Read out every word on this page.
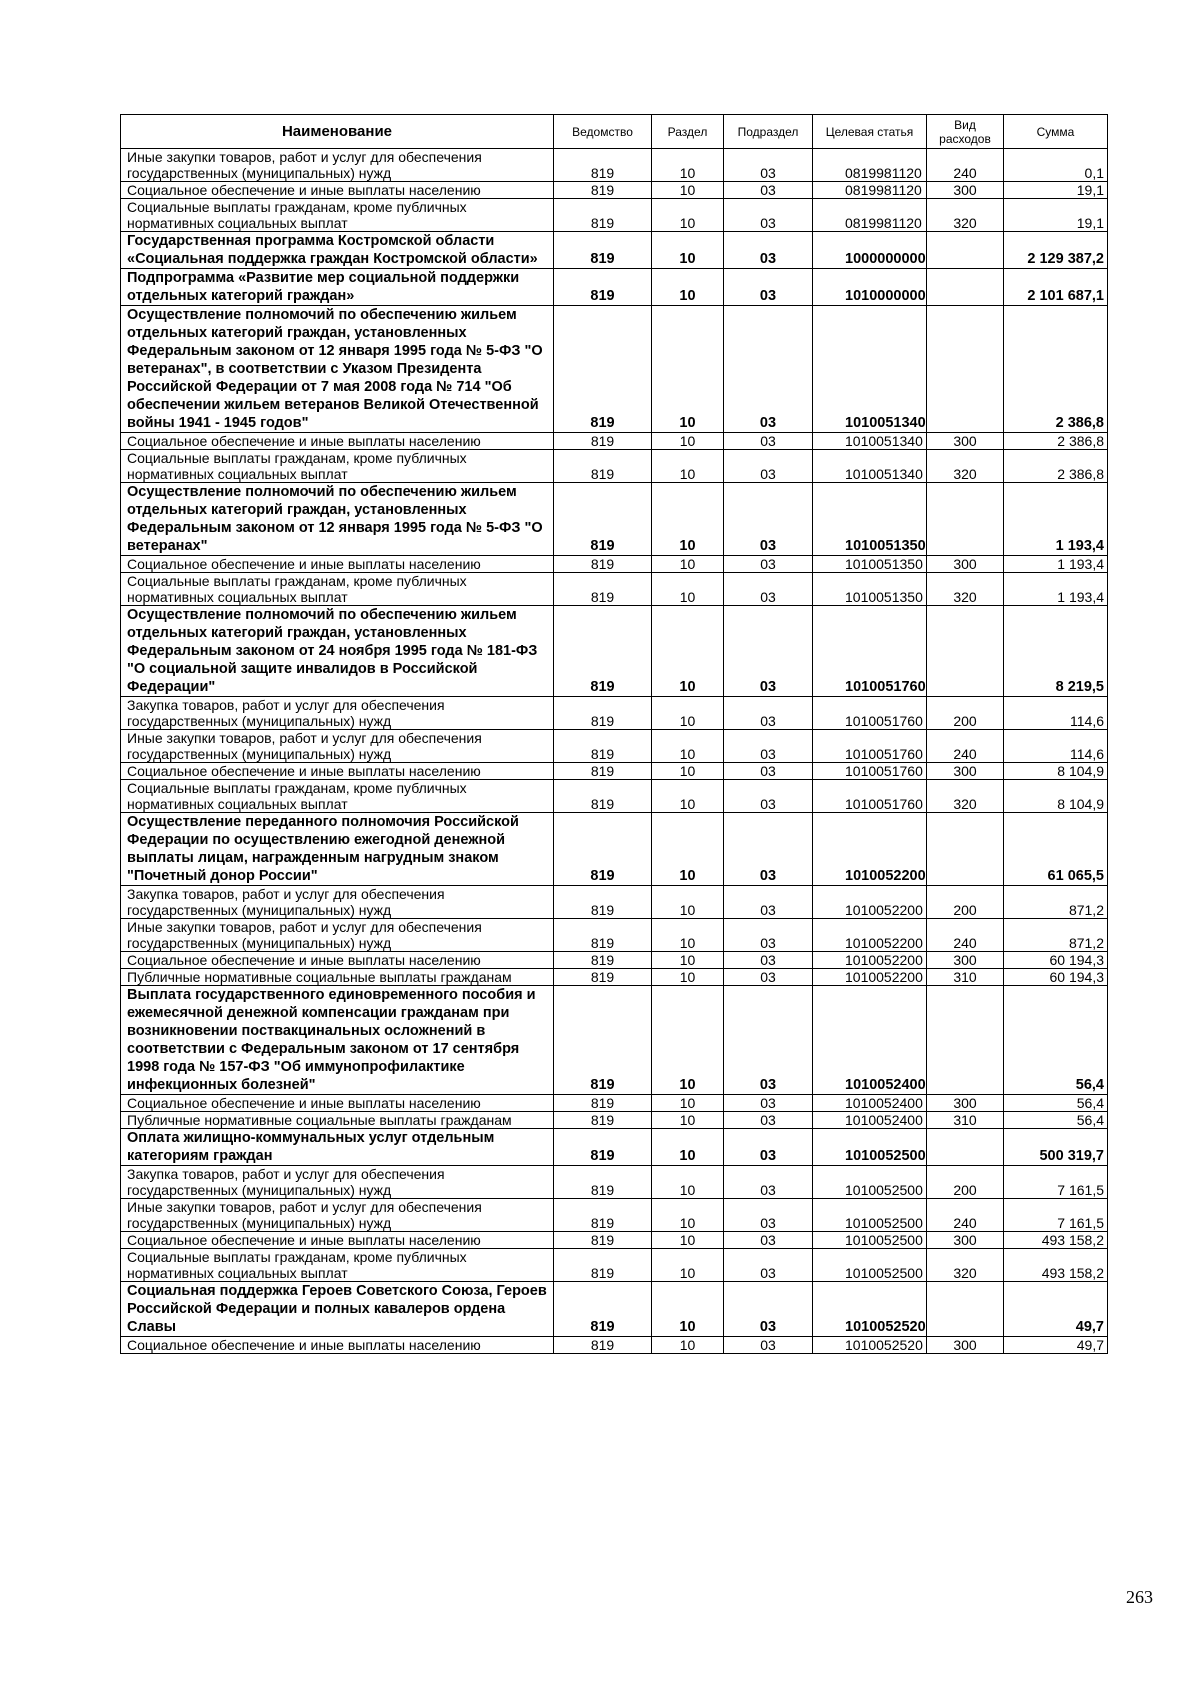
Наименование	Ведомство	Раздел	Подраздел	Целевая статья	Вид расходов	Сумма
Иные закупки товаров, работ и услуг для обеспечения государственных (муниципальных) нужд	819	10	03	0819981120	240	0,1
Социальное обеспечение и иные выплаты населению	819	10	03	0819981120	300	19,1
Социальные выплаты гражданам, кроме публичных нормативных социальных выплат	819	10	03	0819981120	320	19,1
Государственная программа Костромской области «Социальная поддержка граждан Костромской области»	819	10	03	1000000000		2 129 387,2
Подпрограмма «Развитие мер социальной поддержки отдельных категорий граждан»	819	10	03	1010000000		2 101 687,1
Осуществление полномочий по обеспечению жильем отдельных категорий граждан, установленных Федеральным законом от 12 января 1995 года № 5-ФЗ "О ветеранах", в соответствии с Указом Президента Российской Федерации от 7 мая 2008 года № 714 "Об обеспечении жильем ветеранов Великой Отечественной войны 1941 - 1945 годов"	819	10	03	1010051340		2 386,8
Социальное обеспечение и иные выплаты населению	819	10	03	1010051340	300	2 386,8
Социальные выплаты гражданам, кроме публичных нормативных социальных выплат	819	10	03	1010051340	320	2 386,8
Осуществление полномочий по обеспечению жильем отдельных категорий граждан, установленных Федеральным законом от 12 января 1995 года № 5-ФЗ "О ветеранах"	819	10	03	1010051350		1 193,4
Социальное обеспечение и иные выплаты населению	819	10	03	1010051350	300	1 193,4
Социальные выплаты гражданам, кроме публичных нормативных социальных выплат	819	10	03	1010051350	320	1 193,4
Осуществление полномочий по обеспечению жильем отдельных категорий граждан, установленных Федеральным законом от 24 ноября 1995 года № 181-ФЗ "О социальной защите инвалидов в Российской Федерации"	819	10	03	1010051760		8 219,5
Закупка товаров, работ и услуг для обеспечения государственных (муниципальных) нужд	819	10	03	1010051760	200	114,6
Иные закупки товаров, работ и услуг для обеспечения государственных (муниципальных) нужд	819	10	03	1010051760	240	114,6
Социальное обеспечение и иные выплаты населению	819	10	03	1010051760	300	8 104,9
Социальные выплаты гражданам, кроме публичных нормативных социальных выплат	819	10	03	1010051760	320	8 104,9
Осуществление переданного полномочия Российской Федерации по осуществлению ежегодной денежной выплаты лицам, награжденным нагрудным знаком "Почетный донор России"	819	10	03	1010052200		61 065,5
Закупка товаров, работ и услуг для обеспечения государственных (муниципальных) нужд	819	10	03	1010052200	200	871,2
Иные закупки товаров, работ и услуг для обеспечения государственных (муниципальных) нужд	819	10	03	1010052200	240	871,2
Социальное обеспечение и иные выплаты населению	819	10	03	1010052200	300	60 194,3
Публичные нормативные социальные выплаты гражданам	819	10	03	1010052200	310	60 194,3
Выплата государственного единовременного пособия и ежемесячной денежной компенсации гражданам при возникновении поствакцинальных осложнений в соответствии с Федеральным законом от 17 сентября 1998 года № 157-ФЗ "Об иммунопрофилактике инфекционных болезней"	819	10	03	1010052400		56,4
Социальное обеспечение и иные выплаты населению	819	10	03	1010052400	300	56,4
Публичные нормативные социальные выплаты гражданам	819	10	03	1010052400	310	56,4
Оплата жилищно-коммунальных услуг отдельным категориям граждан	819	10	03	1010052500		500 319,7
Закупка товаров, работ и услуг для обеспечения государственных (муниципальных) нужд	819	10	03	1010052500	200	7 161,5
Иные закупки товаров, работ и услуг для обеспечения государственных (муниципальных) нужд	819	10	03	1010052500	240	7 161,5
Социальное обеспечение и иные выплаты населению	819	10	03	1010052500	300	493 158,2
Социальные выплаты гражданам, кроме публичных нормативных социальных выплат	819	10	03	1010052500	320	493 158,2
Социальная поддержка Героев Советского Союза, Героев Российской Федерации и полных кавалеров ордена Славы	819	10	03	1010052520		49,7
Социальное обеспечение и иные выплаты населению	819	10	03	1010052520	300	49,7
263
